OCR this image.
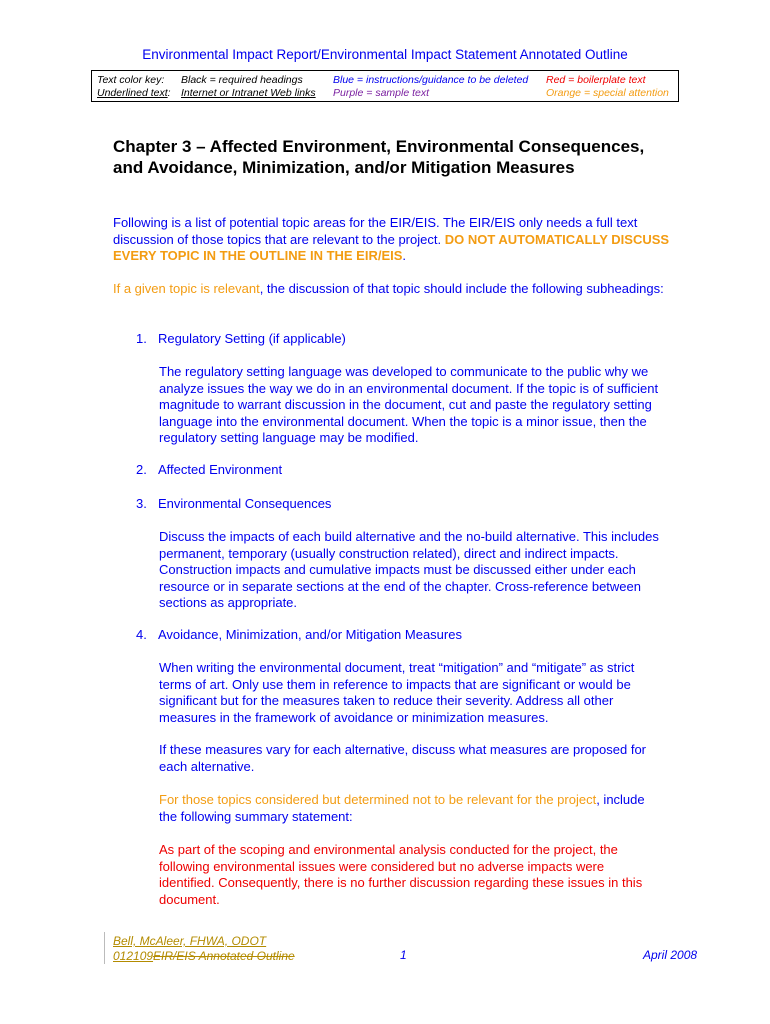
Environmental Impact Report/Environmental Impact Statement Annotated Outline
Text color key:
Underlined text:
Black = required headings
Internet or Intranet Web links
Blue = instructions/guidance to be deleted
Purple = sample text
Red = boilerplate text
Orange = special attention
Chapter 3 – Affected Environment, Environmental Consequences, and Avoidance, Minimization, and/or Mitigation Measures
Following is a list of potential topic areas for the EIR/EIS. The EIR/EIS only needs a full text discussion of those topics that are relevant to the project. DO NOT AUTOMATICALLY DISCUSS EVERY TOPIC IN THE OUTLINE IN THE EIR/EIS.
If a given topic is relevant, the discussion of that topic should include the following subheadings:
1. Regulatory Setting (if applicable)
The regulatory setting language was developed to communicate to the public why we analyze issues the way we do in an environmental document. If the topic is of sufficient magnitude to warrant discussion in the document, cut and paste the regulatory setting language into the environmental document. When the topic is a minor issue, then the regulatory setting language may be modified.
2. Affected Environment
3. Environmental Consequences
Discuss the impacts of each build alternative and the no-build alternative. This includes permanent, temporary (usually construction related), direct and indirect impacts. Construction impacts and cumulative impacts must be discussed either under each resource or in separate sections at the end of the chapter. Cross-reference between sections as appropriate.
4. Avoidance, Minimization, and/or Mitigation Measures
When writing the environmental document, treat “mitigation” and “mitigate” as strict terms of art. Only use them in reference to impacts that are significant or would be significant but for the measures taken to reduce their severity. Address all other measures in the framework of avoidance or minimization measures.
If these measures vary for each alternative, discuss what measures are proposed for each alternative.
For those topics considered but determined not to be relevant for the project, include the following summary statement:
As part of the scoping and environmental analysis conducted for the project, the following environmental issues were considered but no adverse impacts were identified. Consequently, there is no further discussion regarding these issues in this document.
Bell, McAleer, FHWA, ODOT
012109EIR/EIS Annotated Outline	1	April 2008
